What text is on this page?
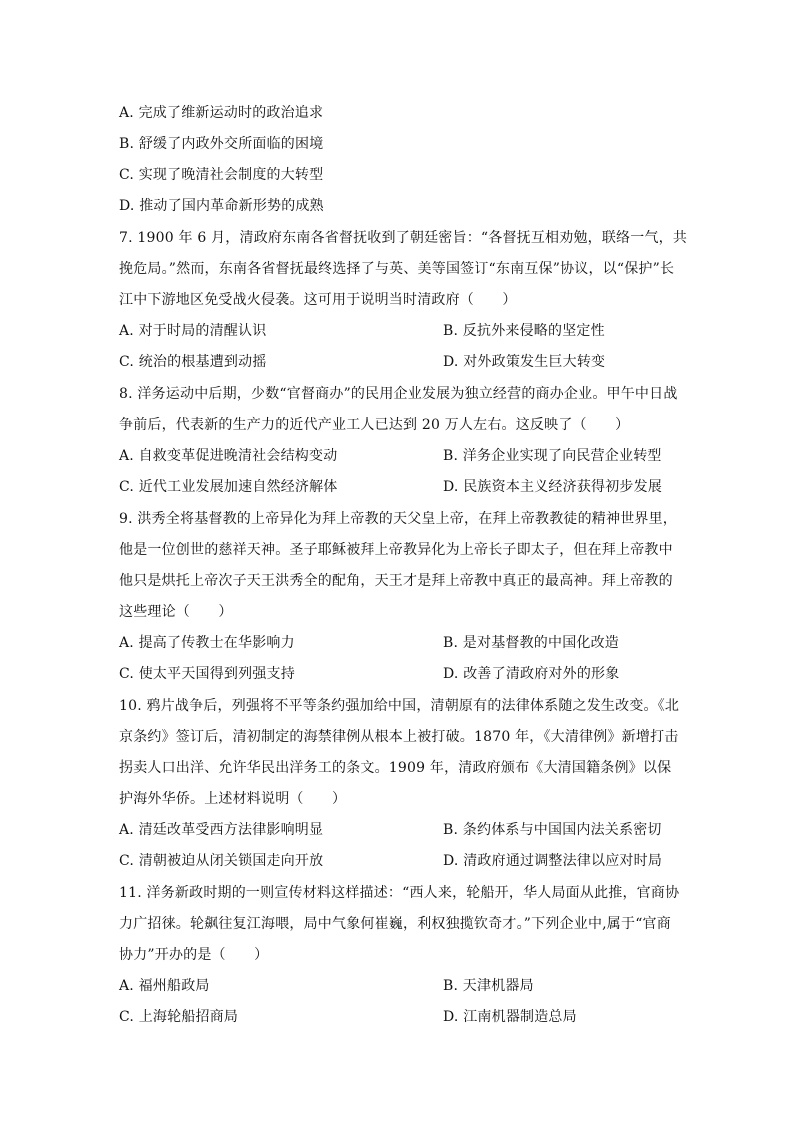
A. 完成了维新运动时的政治追求
B. 舒缓了内政外交所面临的困境
C. 实现了晚清社会制度的大转型
D. 推动了国内革命新形势的成熟
7. 1900 年 6 月，清政府东南各省督抚收到了朝廷密旨：“各督抚互相劝勉，联络一气，共
挽危局。”然而，东南各省督抚最终选择了与英、美等国签订“东南互保”协议，以“保护”长
江中下游地区免受战火侵袭。这可用于说明当时清政府（　　）
A. 对于时局的清醒认识	B. 反抗外来侵略的坚定性
C. 统治的根基遭到动摇	D. 对外政策发生巨大转变
8. 洋务运动中后期，少数“官督商办”的民用企业发展为独立经营的商办企业。甲午中日战
争前后，代表新的生产力的近代产业工人已达到 20 万人左右。这反映了（　　）
A. 自救变革促进晚清社会结构变动	B. 洋务企业实现了向民营企业转型
C. 近代工业发展加速自然经济解体	D. 民族资本主义经济获得初步发展
9. 洪秀全将基督教的上帝异化为拜上帝教的天父皇上帝，在拜上帝教教徒的精神世界里，
他是一位创世的慈祥天神。圣子耶稣被拜上帝教异化为上帝长子即太子，但在拜上帝教中
他只是烘托上帝次子天王洪秀全的配角，天王才是拜上帝教中真正的最高神。拜上帝教的
这些理论（　　）
A. 提高了传教士在华影响力	B. 是对基督教的中国化改造
C. 使太平天国得到列强支持	D. 改善了清政府对外的形象
10. 鸦片战争后，列强将不平等条约强加给中国，清朝原有的法律体系随之发生改变。《北
京条约》签订后，清初制定的海禁律例从根本上被打破。1870 年，《大清律例》新增打击
拐卖人口出洋、允许华民出洋务工的条文。1909 年，清政府颁布《大清国籍条例》以保
护海外华侨。上述材料说明（　　）
A. 清廷改革受西方法律影响明显	B. 条约体系与中国国内法关系密切
C. 清朝被迫从闭关锁国走向开放	D. 清政府通过调整法律以应对时局
11. 洋务新政时期的一则宣传材料这样描述：“西人来，轮船开，华人局面从此推，官商协
力广招徕。轮飙往复江海喂，局中气象何崔巍，利权独揽钦奇才。”下列企业中,属于“官商
协力”开办的是（　　）
A. 福州船政局	B. 天津机器局
C. 上海轮船招商局	D. 江南机器制造总局
